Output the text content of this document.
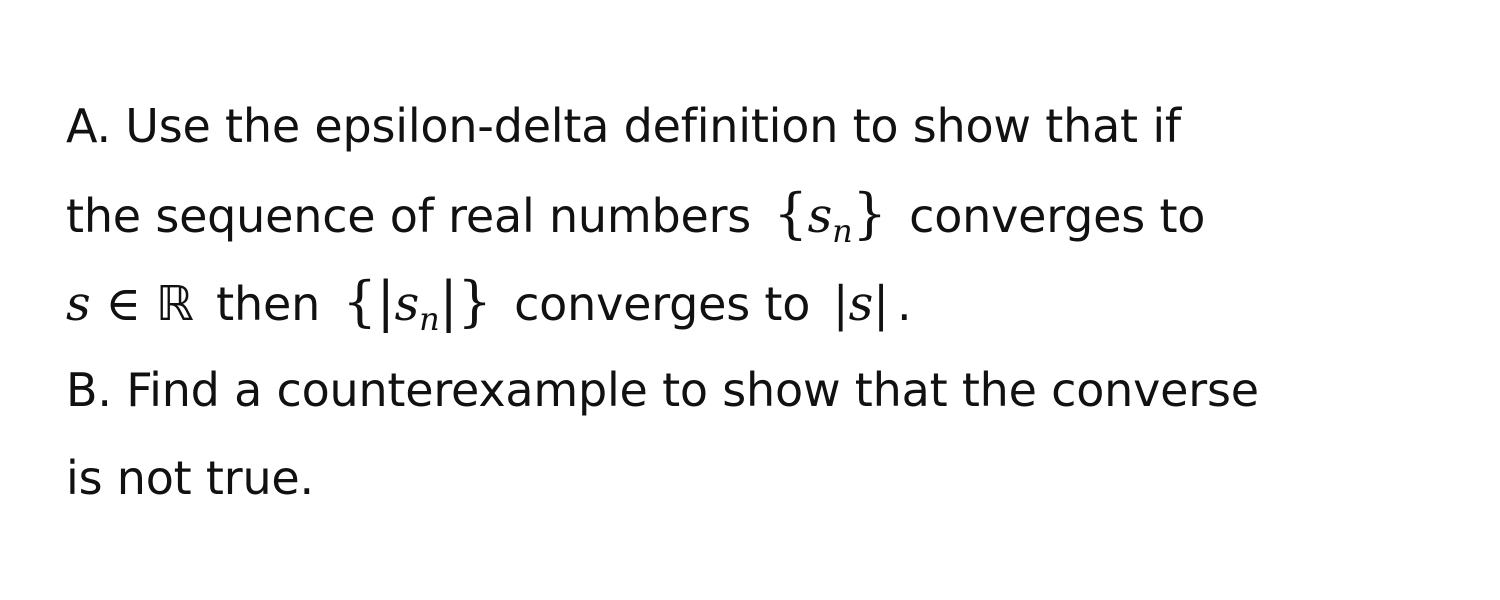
A. Use the epsilon-delta definition to show that if
the sequence of real numbers $\{s_n\}$ converges to
s ∈ ℝ then $\{|s_n|\}$ converges to |s| .
B. Find a counterexample to show that the converse
is not true.
